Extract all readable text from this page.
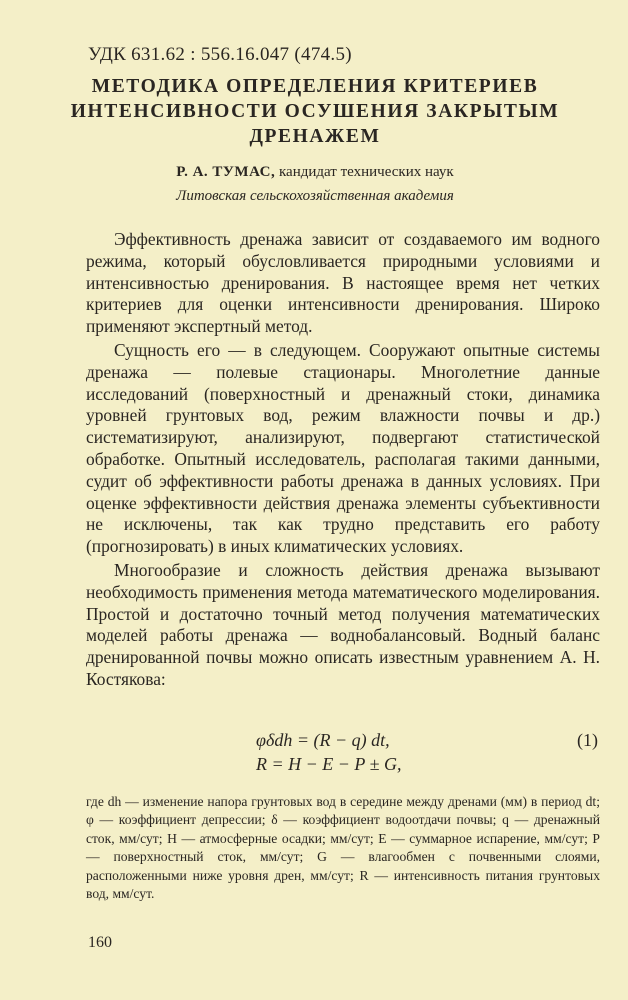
УДК 631.62 : 556.16.047 (474.5)
МЕТОДИКА ОПРЕДЕЛЕНИЯ КРИТЕРИЕВ
ИНТЕНСИВНОСТИ ОСУШЕНИЯ ЗАКРЫТЫМ
ДРЕНАЖЕМ
Р. А. ТУМАС, кандидат технических наук
Литовская сельскохозяйственная академия

Эффективность дренажа зависит от создаваемого им водного режима, который обусловливается природными условиями и интенсивностью дренирования. В настоящее время нет четких критериев для оценки интенсивности дренирования. Широко применяют экспертный метод.

Сущность его — в следующем. Сооружают опытные системы дренажа — полевые стационары. Многолетние данные исследований (поверхностный и дренажный стоки, динамика уровней грунтовых вод, режим влажности почвы и др.) систематизируют, анализируют, подвергают статистической обработке. Опытный исследователь, располагая такими данными, судит об эффективности работы дренажа в данных условиях. При оценке эффективности действия дренажа элементы субъективности не исключены, так как трудно представить его работу (прогнозировать) в иных климатических условиях.

Многообразие и сложность действия дренажа вызывают необходимость применения метода математического моделирования. Простой и достаточно точный метод получения математических моделей работы дренажа — воднобалансовый. Водный баланс дренированной почвы можно описать известным уравнением А. Н. Костякова:

φδdh = (R − q) dt,	(1)
R = H − E − P ± G,
где dh — изменение напора грунтовых вод в середине между дренами (мм) в период dt; φ — коэффициент депрессии; δ — коэффициент водоотдачи почвы; q — дренажный сток, мм/сут; H — атмосферные осадки; мм/сут; E — суммарное испарение, мм/сут; P — поверхностный сток, мм/сут; G — влагообмен с почвенными слоями, расположенными ниже уровня дрен, мм/сут; R — интенсивность питания грунтовых вод, мм/сут.
160
